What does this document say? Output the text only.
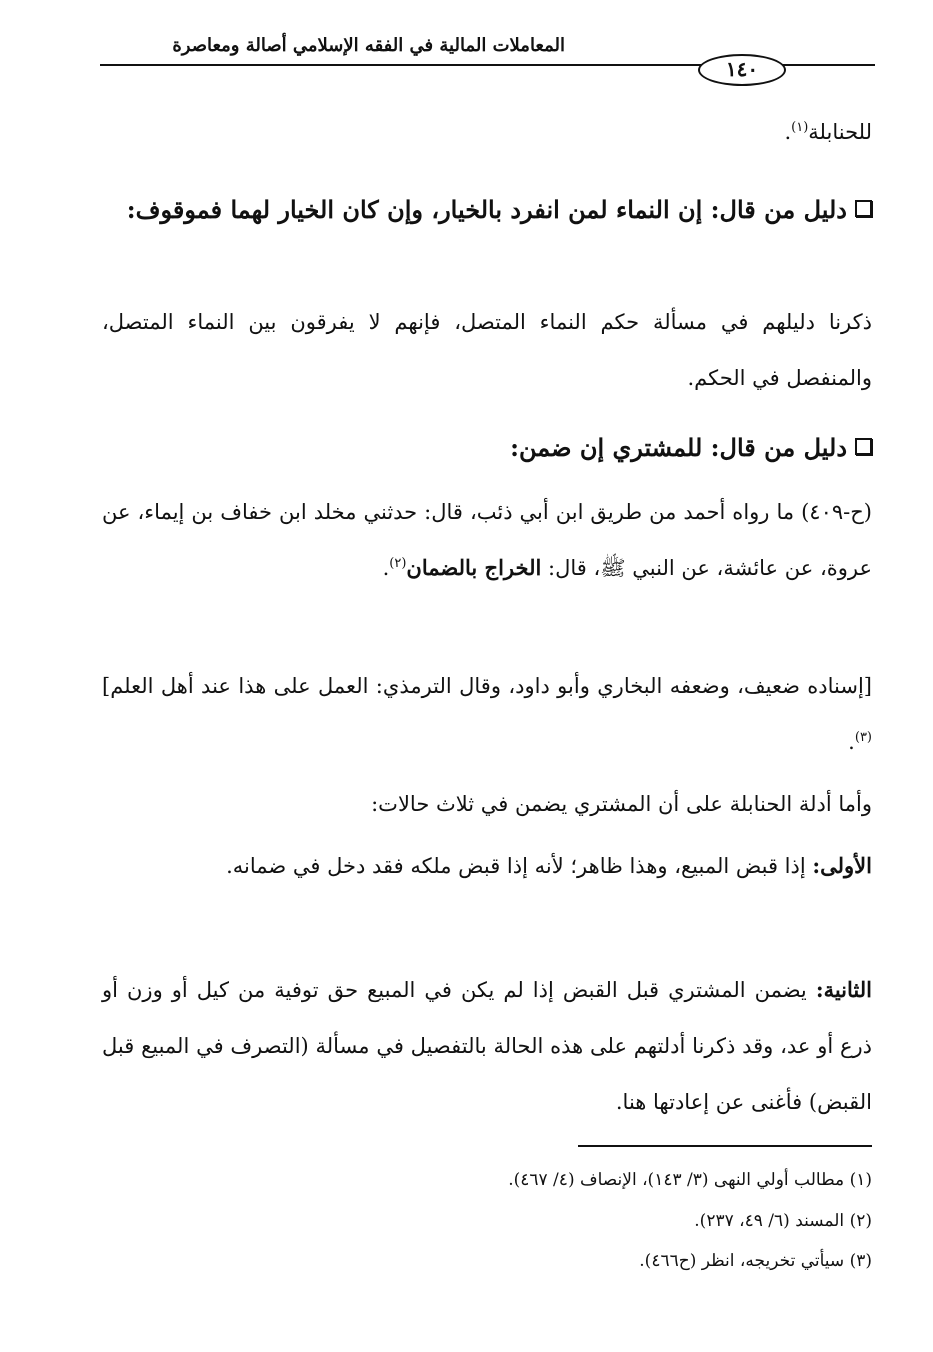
المعاملات المالية في الفقه الإسلامي أصالة ومعاصرة
١٤٠
للحنابلة$^{(١)}$.
دليل من قال: إن النماء لمن انفرد بالخيار، وإن كان الخيار لهما فموقوف:
ذكرنا دليلهم في مسألة حكم النماء المتصل، فإنهم لا يفرقون بين النماء المتصل، والمنفصل في الحكم.
دليل من قال: للمشتري إن ضمن:
(ح-٤٠٩) ما رواه أحمد من طريق ابن أبي ذئب، قال: حدثني مخلد ابن خفاف بن إيماء، عن عروة، عن عائشة، عن النبي ﷺ، قال: الخراج بالضمان$^{(٢)}$.
[إسناده ضعيف، وضعفه البخاري وأبو داود، وقال الترمذي: العمل على هذا عند أهل العلم]$^{(٣)}$.
وأما أدلة الحنابلة على أن المشتري يضمن في ثلاث حالات:
الأولى: إذا قبض المبيع، وهذا ظاهر؛ لأنه إذا قبض ملكه فقد دخل في ضمانه.
الثانية: يضمن المشتري قبل القبض إذا لم يكن في المبيع حق توفية من كيل أو وزن أو ذرع أو عد، وقد ذكرنا أدلتهم على هذه الحالة بالتفصيل في مسألة (التصرف في المبيع قبل القبض) فأغنى عن إعادتها هنا.
(١) مطالب أولي النهى (٣/ ١٤٣)، الإنصاف (٤/ ٤٦٧).
(٢) المسند (٦/ ٤٩، ٢٣٧).
(٣) سيأتي تخريجه، انظر (ح٤٦٦).
